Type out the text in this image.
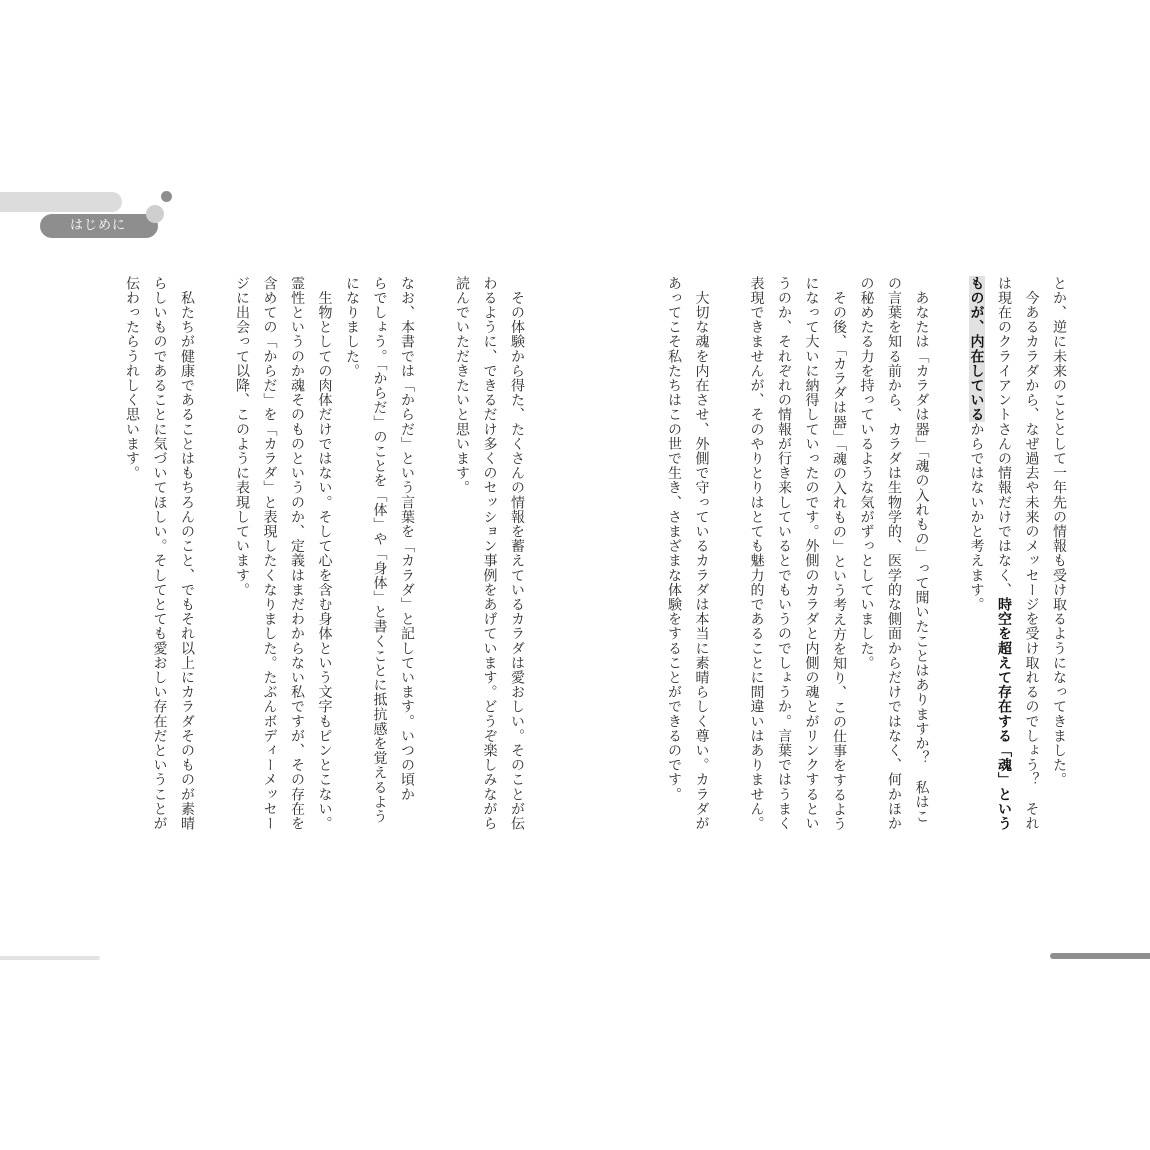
はじめに
とか、逆に未来のこととして一年先の情報も受け取るようになってきました。
　今あるカラダから、なぜ過去や未来のメッセージを受け取れるのでしょう？　それ
は現在のクライアントさんの情報だけではなく、時空を超えて存在する「魂」という
ものが、内在しているからではないかと考えます。

　あなたは「カラダは器」「魂の入れもの」って聞いたことはありますか？　私はこ
の言葉を知る前から、カラダは生物学的、医学的な側面からだけではなく、何かほか
の秘めたる力を持っているような気がずっとしていました。
　その後、「カラダは器」「魂の入れもの」という考え方を知り、この仕事をするよう
になって大いに納得していったのです。外側のカラダと内側の魂とがリンクするとい
うのか、それぞれの情報が行き来しているとでもいうのでしょうか。言葉ではうまく
表現できませんが、そのやりとりはとても魅力的であることに間違いはありません。

　大切な魂を内在させ、外側で守っているカラダは本当に素晴らしく尊い。カラダが
あってこそ私たちはこの世で生き、さまざまな体験をすることができるのです。
　その体験から得た、たくさんの情報を蓄えているカラダは愛おしい。そのことが伝
わるように、できるだけ多くのセッション事例をあげています。どうぞ楽しみながら
読んでいただきたいと思います。

なお、本書では「からだ」という言葉を「カラダ」と記しています。いつの頃か
らでしょう。「からだ」のことを「体」や「身体」と書くことに抵抗感を覚えるよう
になりました。
　生物としての肉体だけではない。そして心を含む身体という文字もピンとこない。
霊性というのか魂そのものというのか、定義はまだわからない私ですが、その存在を
含めての「からだ」を「カラダ」と表現したくなりました。たぶんボディーメッセー
ジに出会って以降、このように表現しています。

　私たちが健康であることはもちろんのこと、でもそれ以上にカラダそのものが素晴
らしいものであることに気づいてほしい。そしてとても愛おしい存在だということが
伝わったらうれしく思います。
